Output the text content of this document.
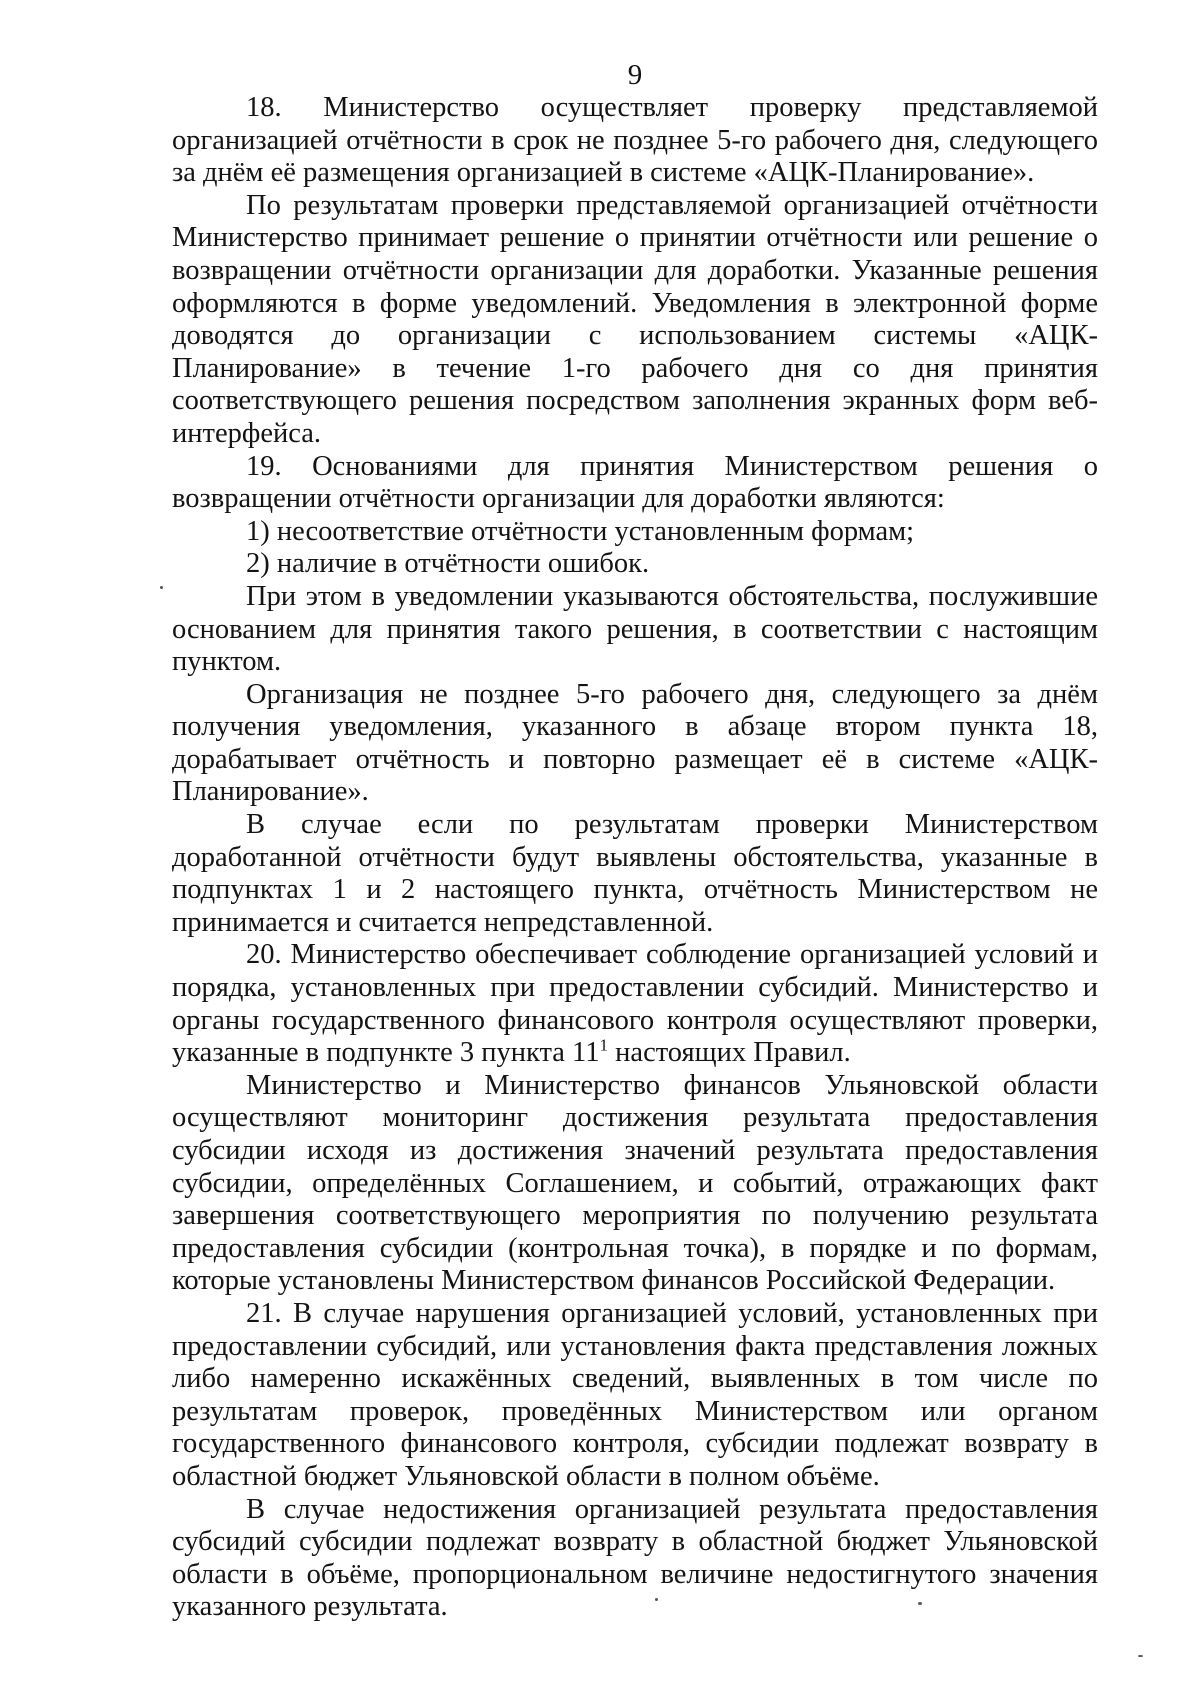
9

18. Министерство осуществляет проверку представляемой организацией отчётности в срок не позднее 5-го рабочего дня, следующего за днём её размещения организацией в системе «АЦК-Планирование».

По результатам проверки представляемой организацией отчётности Министерство принимает решение о принятии отчётности или решение о возвращении отчётности организации для доработки. Указанные решения оформляются в форме уведомлений. Уведомления в электронной форме доводятся до организации с использованием системы «АЦК-Планирование» в течение 1-го рабочего дня со дня принятия соответствующего решения посредством заполнения экранных форм веб-интерфейса.

19. Основаниями для принятия Министерством решения о возвращении отчётности организации для доработки являются:

1) несоответствие отчётности установленным формам;

2) наличие в отчётности ошибок.

При этом в уведомлении указываются обстоятельства, послужившие основанием для принятия такого решения, в соответствии с настоящим пунктом.

Организация не позднее 5-го рабочего дня, следующего за днём получения уведомления, указанного в абзаце втором пункта 18, дорабатывает отчётность и повторно размещает её в системе «АЦК-Планирование».

В случае если по результатам проверки Министерством доработанной отчётности будут выявлены обстоятельства, указанные в подпунктах 1 и 2 настоящего пункта, отчётность Министерством не принимается и считается непредставленной.

20. Министерство обеспечивает соблюдение организацией условий и порядка, установленных при предоставлении субсидий. Министерство и органы государственного финансового контроля осуществляют проверки, указанные в подпункте 3 пункта $11^1$ настоящих Правил.

Министерство и Министерство финансов Ульяновской области осуществляют мониторинг достижения результата предоставления субсидии исходя из достижения значений результата предоставления субсидии, определённых Соглашением, и событий, отражающих факт завершения соответствующего мероприятия по получению результата предоставления субсидии (контрольная точка), в порядке и по формам, которые установлены Министерством финансов Российской Федерации.

21. В случае нарушения организацией условий, установленных при предоставлении субсидий, или установления факта представления ложных либо намеренно искажённых сведений, выявленных в том числе по результатам проверок, проведённых Министерством или органом государственного финансового контроля, субсидии подлежат возврату в областной бюджет Ульяновской области в полном объёме.

В случае недостижения организацией результата предоставления субсидий субсидии подлежат возврату в областной бюджет Ульяновской области в объёме, пропорциональном величине недостигнутого значения указанного результата.
